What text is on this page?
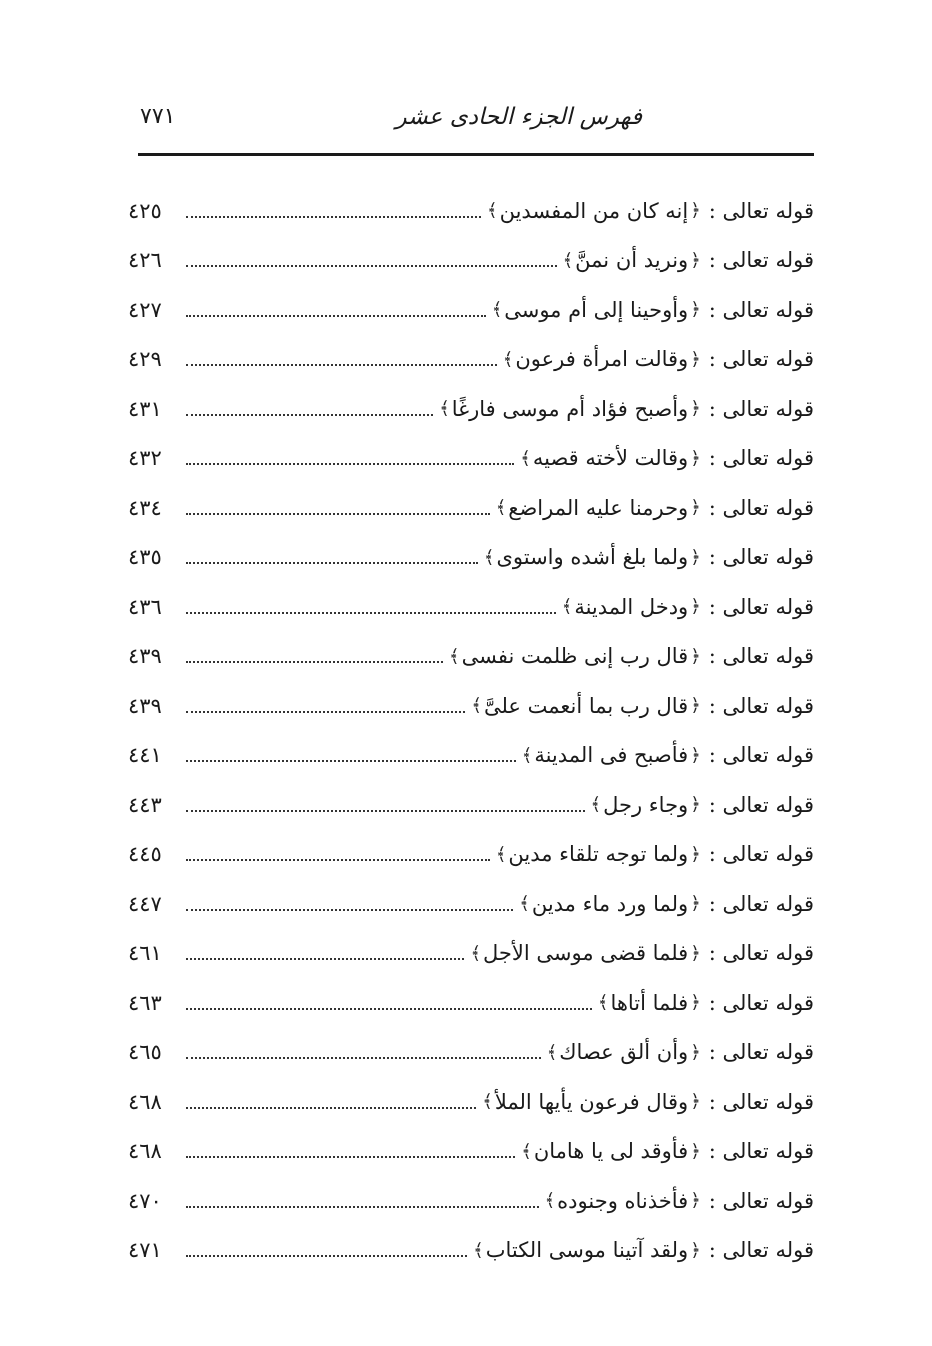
فهرس الجزء الحادى عشر
٧٧١
قوله تعالى :
﴿
إنه كان من المفسدين
﴾
٤٢٥
قوله تعالى :
﴿
ونريد أن نمنَّ
﴾
٤٢٦
قوله تعالى :
﴿
وأوحينا إلى أم موسى
﴾
٤٢٧
قوله تعالى :
﴿
وقالت امرأة فرعون
﴾
٤٢٩
قوله تعالى :
﴿
وأصبح فؤاد أم موسى فارغًا
﴾
٤٣١
قوله تعالى :
﴿
وقالت لأخته قصيه
﴾
٤٣٢
قوله تعالى :
﴿
وحرمنا عليه المراضع
﴾
٤٣٤
قوله تعالى :
﴿
ولما بلغ أشده واستوى
﴾
٤٣٥
قوله تعالى :
﴿
ودخل المدينة
﴾
٤٣٦
قوله تعالى :
﴿
قال رب إنى ظلمت نفسى
﴾
٤٣٩
قوله تعالى :
﴿
قال رب بما أنعمت علىَّ
﴾
٤٣٩
قوله تعالى :
﴿
فأصبح فى المدينة
﴾
٤٤١
قوله تعالى :
﴿
وجاء رجل
﴾
٤٤٣
قوله تعالى :
﴿
ولما توجه تلقاء مدين
﴾
٤٤٥
قوله تعالى :
﴿
ولما ورد ماء مدين
﴾
٤٤٧
قوله تعالى :
﴿
فلما قضى موسى الأجل
﴾
٤٦١
قوله تعالى :
﴿
فلما أتاها
﴾
٤٦٣
قوله تعالى :
﴿
وأن ألق عصاك
﴾
٤٦٥
قوله تعالى :
﴿
وقال فرعون يأيها الملأ
﴾
٤٦٨
قوله تعالى :
﴿
فأوقد لى يا هامان
﴾
٤٦٨
قوله تعالى :
﴿
فأخذناه وجنوده
﴾
٤٧٠
قوله تعالى :
﴿
ولقد آتينا موسى الكتاب
﴾
٤٧١
